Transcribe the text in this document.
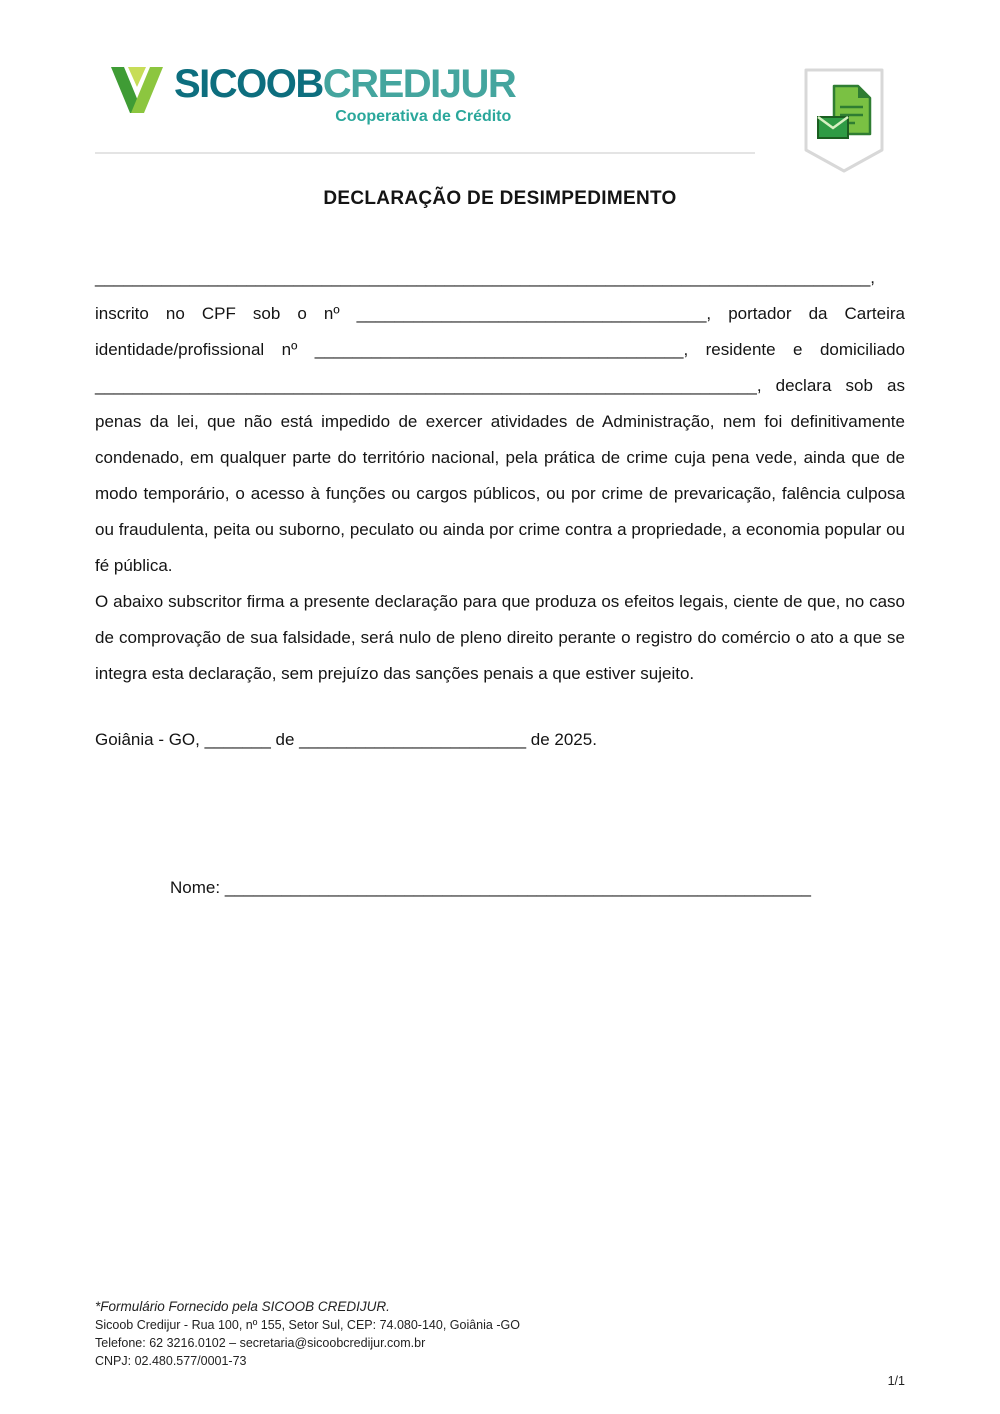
SICOOBCREDIJUR
Cooperativa de Crédito
DECLARAÇÃO DE DESIMPEDIMENTO
__________________________________________________________________________________,
inscrito no CPF sob o nº _____________________________________, portador da Carteira identidade/profissional nº _______________________________________, residente e domiciliado ______________________________________________________________________, declara sob as penas da lei, que não está impedido de exercer atividades de Administração, nem foi definitivamente condenado, em qualquer parte do território nacional, pela prática de crime cuja pena vede, ainda que de modo temporário, o acesso à funções ou cargos públicos, ou por crime de prevaricação, falência culposa ou fraudulenta, peita ou suborno, peculato ou ainda por crime contra a propriedade, a economia popular ou fé pública.
O abaixo subscritor firma a presente declaração para que produza os efeitos legais, ciente de que, no caso de comprovação de sua falsidade, será nulo de pleno direito perante o registro do comércio o ato a que se integra esta declaração, sem prejuízo das sanções penais a que estiver sujeito.
Goiânia - GO, _______ de ________________________ de 2025.
Nome: ______________________________________________________________
*Formulário Fornecido pela SICOOB CREDIJUR.
Sicoob Credijur - Rua 100, nº 155, Setor Sul, CEP: 74.080-140, Goiânia -GO
Telefone: 62 3216.0102 – secretaria@sicoobcredijur.com.br
CNPJ: 02.480.577/0001-73
1/1
